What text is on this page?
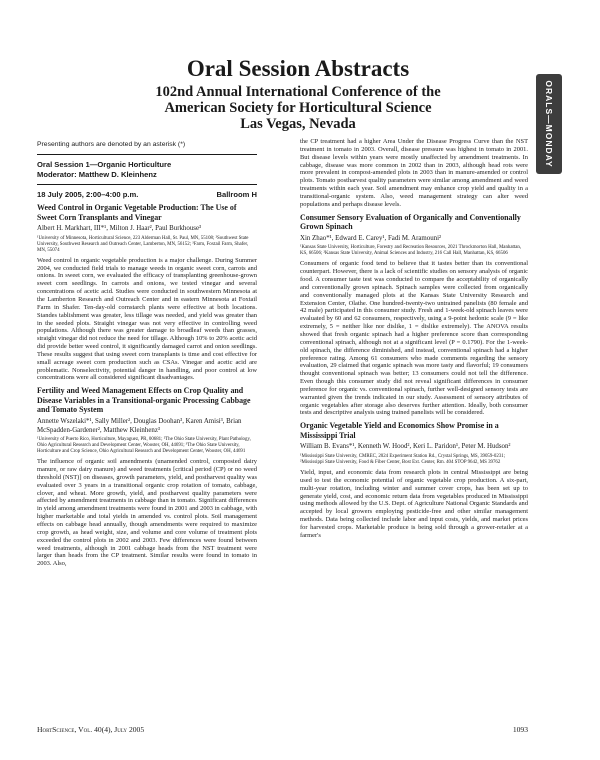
ORALS—MONDAY
Oral Session Abstracts
102nd Annual International Conference of the
American Society for Horticultural Science
Las Vegas, Nevada

Presenting authors are denoted by an asterisk (*)

Oral Session 1—Organic Horticulture

Moderator: Matthew D. Kleinhenz

18 July 2005, 2:00–4:00 p.m.	Ballroom H

Weed Control in Organic Vegetable Production: The Use of Sweet Corn Transplants and Vinegar

Albert H. Markhart, III*¹, Milton J. Haar², Paul Burkhouse³

¹University of Minnesota, Horticultural Science, 223 Alderman Hall, St. Paul, MN, 55108; ²Southwest State University, Southwest Research and Outreach Center, Lamberton, MN, 56152; ³Farm, Foxtail Farm, Shafer, MN, 55074

Weed control in organic vegetable production is a major challenge. During Summer 2004, we conducted field trials to manage weeds in organic sweet corn, carrots and onions. In sweet corn, we evaluated the efficacy of transplanting greenhouse-grown sweet corn seedlings. In carrots and onions, we tested vinegar and several concentrations of acetic acid. Studies were conducted in southwestern Minnesota at the Lamberton Research and Outreach Center and in eastern Minnesota at Foxtail Farm in Shafer. Ten-day-old cornstarch plants were effective at both locations. Standes tablishment was greater, less tillage was needed, and yield was greater than in the seeded plots. Straight vinegar was not very effective in controlling weed populations. Although there was greater damage to broadleaf weeds than grasses, straight vinegar did not reduce the need for tillage. Although 10% to 20% acetic acid did provide better weed control, it significantly damaged carrot and onion seedlings. These results suggest that using sweet corn transplants is time and cost effective for small acreage sweet corn production such as CSAs. Vinegar and acetic acid are problematic. Nonselectivity, potential danger in handling, and poor control at low concentrations were all considered significant disadvantages.

Fertility and Weed Management Effects on Crop Quality and Disease Variables in a Transitional-organic Processing Cabbage and Tomato System

Annette Wszelaki*¹, Sally Miller², Douglas Doohan³, Karen Amisi³, Brian McSpadden-Gardener², Matthew Kleinhenz³

¹University of Puerto Rico, Horticulture, Mayaguez, PR, 00681; ²The Ohio State University, Plant Pathology, Ohio Agricultural Research and Development Center, Wooster, OH, 44691; ³The Ohio State University, Horticulture and Crop Science, Ohio Agricultural Research and Development Center, Wooster, OH, 44691

The influence of organic soil amendments (unamended control, composted dairy manure, or raw dairy manure) and weed treatments [critical period (CP) or no weed threshold (NST)] on diseases, growth parameters, yield, and postharvest quality was evaluated over 3 years in a transitional organic crop rotation of tomato, cabbage, clover, and wheat. More growth, yield, and postharvest quality parameters were affected by amendment treatments in cabbage than in tomato. Significant differences in yield among amendment treatments were found in 2001 and 2003 in cabbage, with higher marketable and total yields in amended vs. control plots. Soil management effects on cabbage head annually, though amendments were required to maximize crop growth, as head weight, size, and volume and core volume of treatment plots exceeded the control plots in 2002 and 2003. Few differences were found between weed treatments, although in 2001 cabbage heads from the NST treatment were larger than heads from the CP treatment. Similar results were found in tomato in 2003. Also,

the CP treatment had a higher Area Under the Disease Progress Curve than the NST treatment in tomato in 2003. Overall, disease pressure was highest in tomato in 2001. But disease levels within years were mostly unaffected by amendment treatments. In cabbage, disease was more common in 2002 than in 2003, although head rots were more prevalent in compost-amended plots in 2003 than in manure-amended or control plots. Tomato postharvest quality parameters were similar among amendment and weed treatments within each year. Soil amendment may enhance crop yield and quality in a transitional-organic system. Also, weed management strategy can alter weed populations and perhaps disease levels.

Consumer Sensory Evaluation of Organically and Conventionally Grown Spinach

Xin Zhao*¹, Edward E. Carey¹, Fadi M. Aramouni²

¹Kansas State University, Horticulture, Forestry and Recreation Resources, 2021 Throckmorton Hall, Manhattan, KS, 66506; ²Kansas State University, Animal Sciences and Industry, 216 Call Hall, Manhattan, KS, 66506

Consumers of organic food tend to believe that it tastes better than its conventional counterpart. However, there is a lack of scientific studies on sensory analysis of organic food. A consumer taste test was conducted to compare the acceptability of organically and conventionally grown spinach. Spinach samples were collected from organically and conventionally managed plots at the Kansas State University Research and Extension Center, Olathe. One hundred-twenty-two untrained panelists (80 female and 42 male) participated in this consumer study. Fresh and 1-week-old spinach leaves were evaluated by 60 and 62 consumers, respectively, using a 9-point hedonic scale (9 = like extremely, 5 = neither like nor dislike, 1 = dislike extremely). The ANOVA results showed that fresh organic spinach had a higher preference score than corresponding conventional spinach, although not at a significant level (P = 0.1790). For the 1-week-old spinach, the difference diminished, and instead, conventional spinach had a higher preference rating. Among 61 consumers who made comments regarding the sensory evaluation, 29 claimed that organic spinach was more tasty and flavorful; 19 consumers thought conventional spinach was better; 13 consumers could not tell the difference. Even though this consumer study did not reveal significant differences in consumer preference for organic vs. conventional spinach, further well-designed sensory tests are warranted given the trends indicated in our study. Assessment of sensory attributes of organic vegetables after storage also deserves further attention. Ideally, both consumer tests and descriptive analysis using trained panelists will be considered.

Organic Vegetable Yield and Economics Show Promise in a Mississippi Trial

William B. Evans*¹, Kenneth W. Hood², Keri L. Paridon¹, Peter M. Hudson²

¹Mississippi State University, CMREC, 2024 Experiment Station Rd., Crystal Springs, MS, 39059-0231; ²Mississippi State University, Food & Fiber Center, Bost Ext. Center, Rm. 404 STOP 9642, MS 39762

Yield, input, and economic data from research plots in central Mississippi are being used to test the economic potential of organic vegetable crop production. A six-part, multi-year rotation, including winter and summer cover crops, has been set up to generate yield, cost, and economic return data from vegetables produced in Mississippi using methods allowed by the U.S. Dept. of Agriculture National Organic Standards and accepted by local growers employing pesticide-free and other similar management methods. Data being collected include labor and input costs, yields, and market prices for harvested crops. Marketable produce is being sold through a grower-retailer at a farmer's

HortScience, Vol. 40(4), July 2005	1093
